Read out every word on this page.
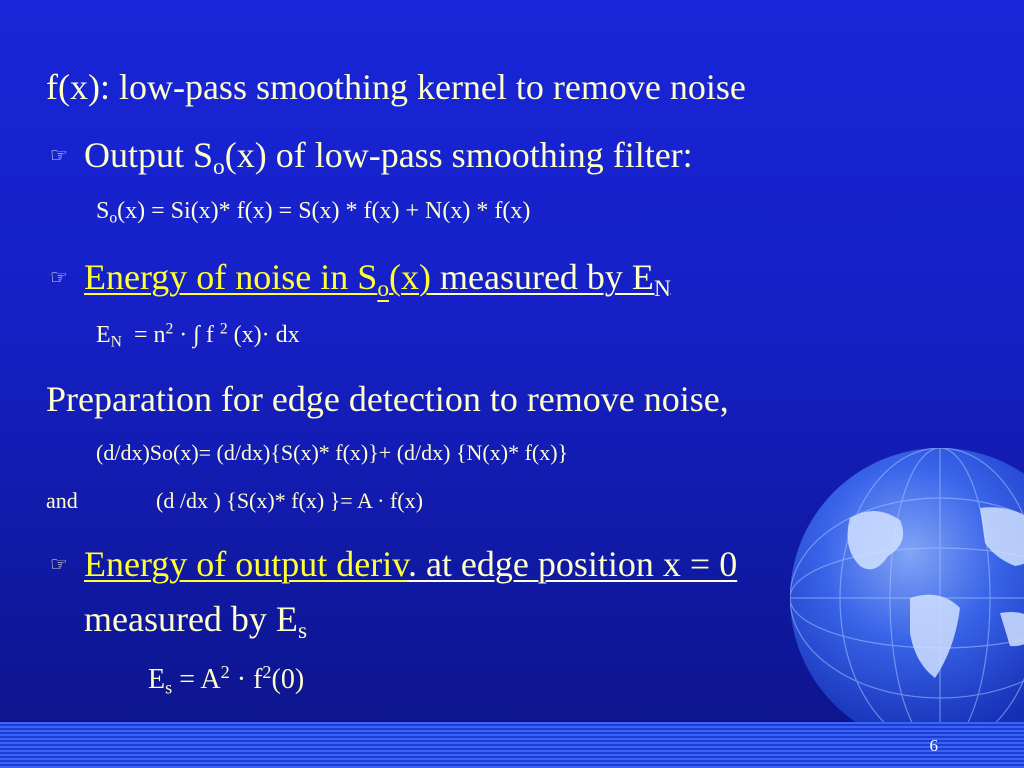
f(x): low-pass smoothing kernel to remove noise
☞ Output $S_o(x)$ of low-pass smoothing filter:
$S_o(x) = Si(x)*$ f(x) = S(x) * f(x) + N(x) * f(x)
☞ Energy of noise in $S_o(x)$ measured by $E_N$
$E_N = n^2$ · ∫ f $^2$ (x)· dx
Preparation for edge detection to remove noise,
(d/dx)So(x)= (d/dx){S(x)* f(x)}+ (d/dx) {N(x)* f(x)}
and	(d /dx ) {S(x)* f(x) }= A · f(x)
☞ Energy of output deriv. at edge position x = 0
measured by $E_s$
$E_s = A^2 \cdot f^2(0)$
6
